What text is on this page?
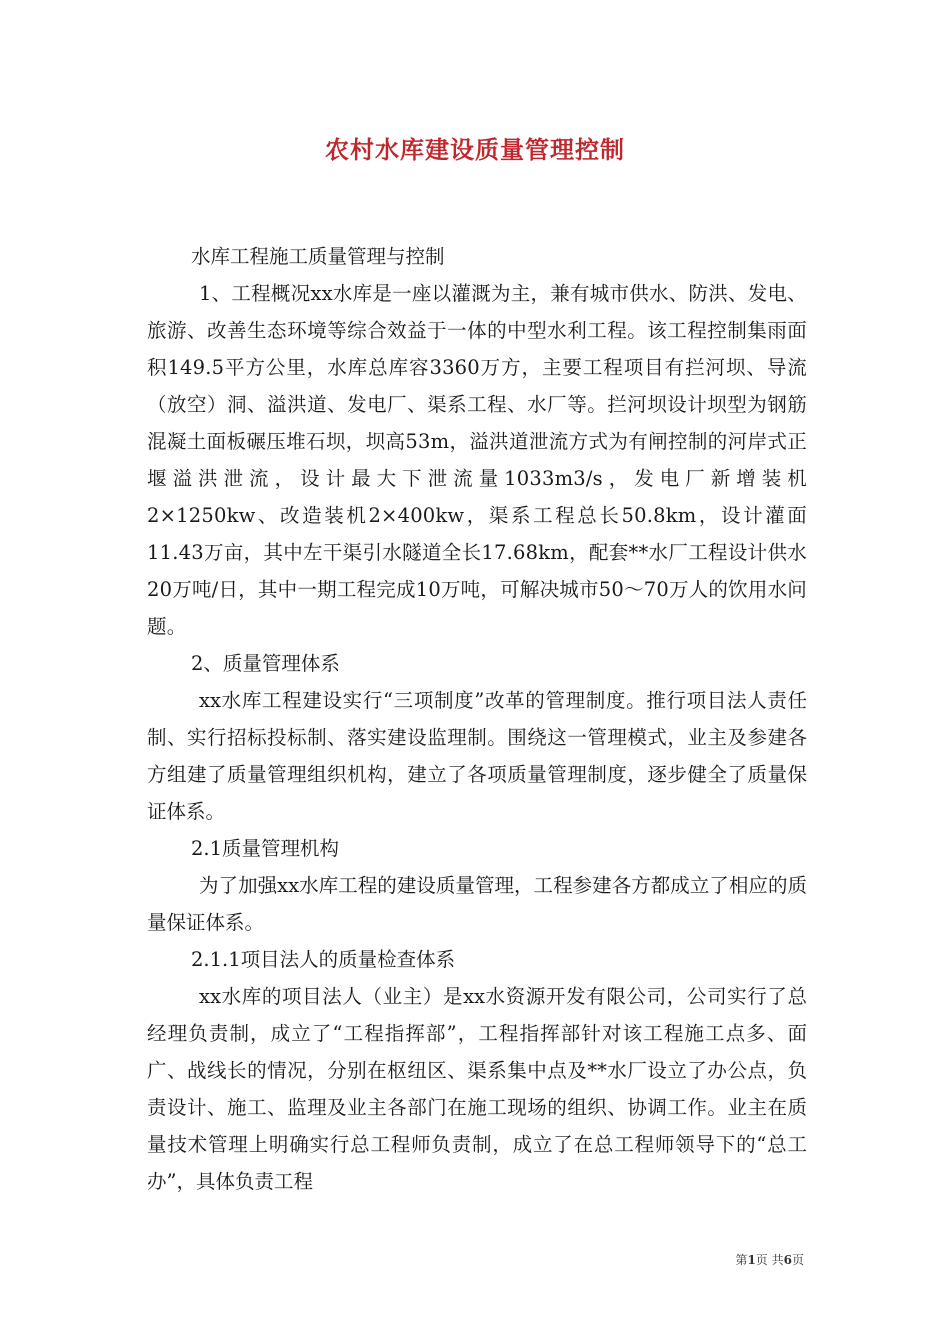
农村水库建设质量管理控制

水库工程施工质量管理与控制

1、工程概况xx水库是一座以灌溉为主，兼有城市供水、防洪、发电、旅游、改善生态环境等综合效益于一体的中型水利工程。该工程控制集雨面积149.5平方公里，水库总库容3360万方，主要工程项目有拦河坝、导流（放空）洞、溢洪道、发电厂、渠系工程、水厂等。拦河坝设计坝型为钢筋混凝土面板碾压堆石坝，坝高53m，溢洪道泄流方式为有闸控制的河岸式正堰溢洪泄流，设计最大下泄流量1033m3/s，发电厂新增装机2×1250kw、改造装机2×400kw，渠系工程总长50.8km，设计灌面11.43万亩，其中左干渠引水隧道全长17.68km，配套**水厂工程设计供水20万吨/日，其中一期工程完成10万吨，可解决城市50～70万人的饮用水问题。

2、质量管理体系

xx水库工程建设实行“三项制度”改革的管理制度。推行项目法人责任制、实行招标投标制、落实建设监理制。围绕这一管理模式，业主及参建各方组建了质量管理组织机构，建立了各项质量管理制度，逐步健全了质量保证体系。

2.1质量管理机构

为了加强xx水库工程的建设质量管理，工程参建各方都成立了相应的质量保证体系。

2.1.1项目法人的质量检查体系

xx水库的项目法人（业主）是xx水资源开发有限公司，公司实行了总经理负责制，成立了“工程指挥部”，工程指挥部针对该工程施工点多、面广、战线长的情况，分别在枢纽区、渠系集中点及**水厂设立了办公点，负责设计、施工、监理及业主各部门在施工现场的组织、协调工作。业主在质量技术管理上明确实行总工程师负责制，成立了在总工程师领导下的“总工办”，具体负责工程

第1页 共6页
